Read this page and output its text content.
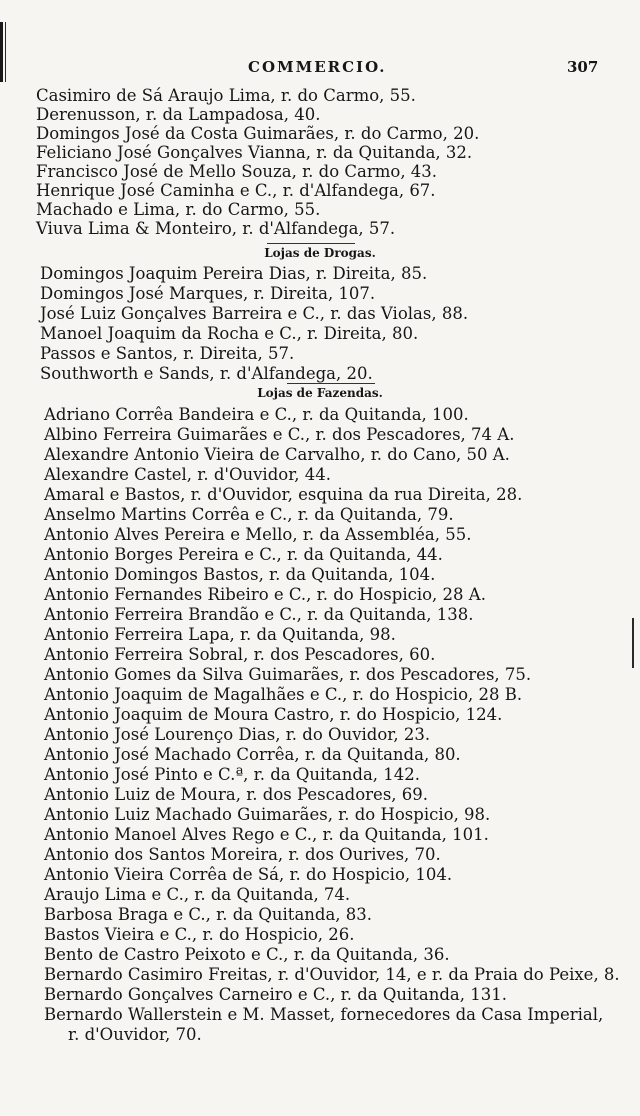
COMMERCIO.	307
Casimiro de Sá Araujo Lima, r. do Carmo, 55.
Derenusson, r. da Lampadosa, 40.
Domingos José da Costa Guimarães, r. do Carmo, 20.
Feliciano José Gonçalves Vianna, r. da Quitanda, 32.
Francisco José de Mello Souza, r. do Carmo, 43.
Henrique José Caminha e C., r. d'Alfandega, 67.
Machado e Lima, r. do Carmo, 55.
Viuva Lima & Monteiro, r. d'Alfandega, 57.
Lojas de Drogas.
Domingos Joaquim Pereira Dias, r. Direita, 85.
Domingos José Marques, r. Direita, 107.
José Luiz Gonçalves Barreira e C., r. das Violas, 88.
Manoel Joaquim da Rocha e C., r. Direita, 80.
Passos e Santos, r. Direita, 57.
Southworth e Sands, r. d'Alfandega, 20.
Lojas de Fazendas.
Adriano Corrêa Bandeira e C., r. da Quitanda, 100.
Albino Ferreira Guimarães e C., r. dos Pescadores, 74 A.
Alexandre Antonio Vieira de Carvalho, r. do Cano, 50 A.
Alexandre Castel, r. d'Ouvidor, 44.
Amaral e Bastos, r. d'Ouvidor, esquina da rua Direita, 28.
Anselmo Martins Corrêa e C., r. da Quitanda, 79.
Antonio Alves Pereira e Mello, r. da Assembléa, 55.
Antonio Borges Pereira e C., r. da Quitanda, 44.
Antonio Domingos Bastos, r. da Quitanda, 104.
Antonio Fernandes Ribeiro e C., r. do Hospicio, 28 A.
Antonio Ferreira Brandão e C., r. da Quitanda, 138.
Antonio Ferreira Lapa, r. da Quitanda, 98.
Antonio Ferreira Sobral, r. dos Pescadores, 60.
Antonio Gomes da Silva Guimarães, r. dos Pescadores, 75.
Antonio Joaquim de Magalhães e C., r. do Hospicio, 28 B.
Antonio Joaquim de Moura Castro, r. do Hospicio, 124.
Antonio José Lourenço Dias, r. do Ouvidor, 23.
Antonio José Machado Corrêa, r. da Quitanda, 80.
Antonio José Pinto e C.ª, r. da Quitanda, 142.
Antonio Luiz de Moura, r. dos Pescadores, 69.
Antonio Luiz Machado Guimarães, r. do Hospicio, 98.
Antonio Manoel Alves Rego e C., r. da Quitanda, 101.
Antonio dos Santos Moreira, r. dos Ourives, 70.
Antonio Vieira Corrêa de Sá, r. do Hospicio, 104.
Araujo Lima e C., r. da Quitanda, 74.
Barbosa Braga e C., r. da Quitanda, 83.
Bastos Vieira e C., r. do Hospicio, 26.
Bento de Castro Peixoto e C., r. da Quitanda, 36.
Bernardo Casimiro Freitas, r. d'Ouvidor, 14, e r. da Praia do Peixe, 8.
Bernardo Gonçalves Carneiro e C., r. da Quitanda, 131.
Bernardo Wallerstein e M. Masset, fornecedores da Casa Imperial,
r. d'Ouvidor, 70.
